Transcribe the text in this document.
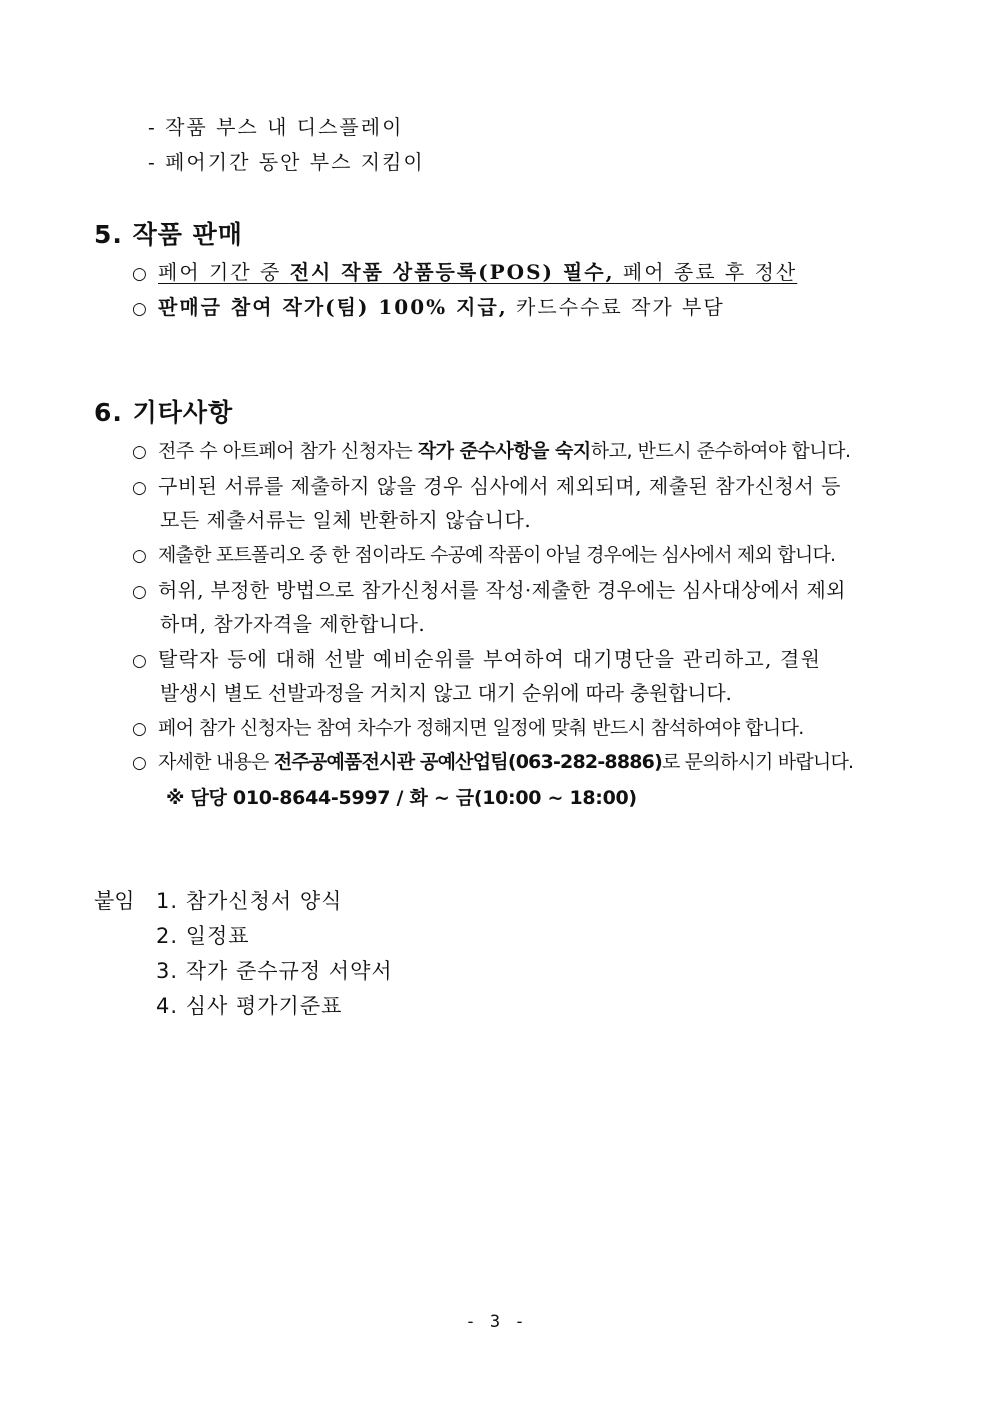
- 작품 부스 내 디스플레이
- 페어기간 동안 부스 지킴이
5. 작품 판매
○ 페어 기간 중 전시 작품 상품등록(POS) 필수, 페어 종료 후 정산
○ 판매금 참여 작가(팀) 100% 지급, 카드수수료 작가 부담
6. 기타사항
○ 전주 수 아트페어 참가 신청자는 작가 준수사항을 숙지하고, 반드시 준수하여야 합니다.
○ 구비된 서류를 제출하지 않을 경우 심사에서 제외되며, 제출된 참가신청서 등
모든 제출서류는 일체 반환하지 않습니다.
○ 제출한 포트폴리오 중 한 점이라도 수공예 작품이 아닐 경우에는 심사에서 제외 합니다.
○ 허위, 부정한 방법으로 참가신청서를 작성·제출한 경우에는 심사대상에서 제외
하며, 참가자격을 제한합니다.
○ 탈락자 등에 대해 선발 예비순위를 부여하여 대기명단을 관리하고, 결원
발생시 별도 선발과정을 거치지 않고 대기 순위에 따라 충원합니다.
○ 페어 참가 신청자는 참여 차수가 정해지면 일정에 맞춰 반드시 참석하여야 합니다.
○ 자세한 내용은 전주공예품전시관 공예산업팀(063-282-8886)로 문의하시기 바랍니다.
※ 담당 010-8644-5997 / 화 ~ 금(10:00 ~ 18:00)
붙임 1. 참가신청서 양식
2. 일정표
3. 작가 준수규정 서약서
4. 심사 평가기준표
- 3 -
